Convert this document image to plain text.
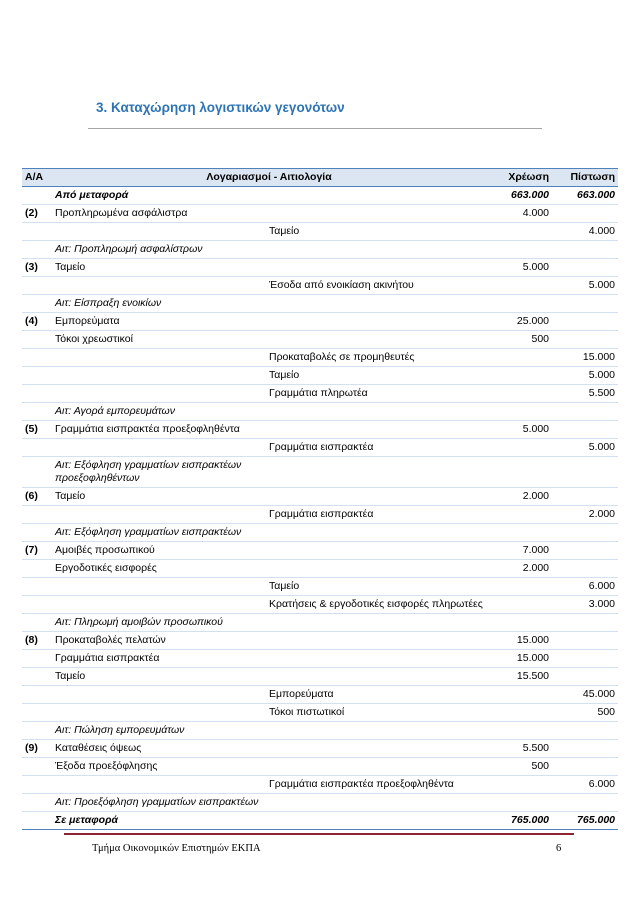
3. Καταχώρηση λογιστικών γεγονότων
Α/Α	Λογαριασμοί - Αιτιολογία		Χρέωση	Πίστωση
	Από μεταφορά		663.000	663.000
(2)	Προπληρωμένα ασφάλιστρα		4.000	
		Ταμείο		4.000
	Αιτ: Προπληρωμή ασφαλίστρων			
(3)	Ταμείο		5.000	
		Έσοδα από ενοικίαση ακινήτου		5.000
	Αιτ: Είσπραξη ενοικίων			
(4)	Εμπορεύματα		25.000	
	Τόκοι χρεωστικοί		500	
		Προκαταβολές σε προμηθευτές		15.000
		Ταμείο		5.000
		Γραμμάτια πληρωτέα		5.500
	Αιτ: Αγορά εμπορευμάτων			
(5)	Γραμμάτια εισπρακτέα προεξοφληθέντα		5.000	
		Γραμμάτια εισπρακτέα		5.000
	Αιτ: Εξόφληση γραμματίων εισπρακτέων προεξοφληθέντων			
(6)	Ταμείο		2.000	
		Γραμμάτια εισπρακτέα		2.000
	Αιτ: Εξόφληση γραμματίων εισπρακτέων			
(7)	Αμοιβές προσωπικού		7.000	
	Εργοδοτικές εισφορές		2.000	
		Ταμείο		6.000
		Κρατήσεις & εργοδοτικές εισφορές πληρωτέες		3.000
	Αιτ: Πληρωμή αμοιβών προσωπικού			
(8)	Προκαταβολές πελατών		15.000	
	Γραμμάτια εισπρακτέα		15.000	
	Ταμείο		15.500	
		Εμπορεύματα		45.000
		Τόκοι πιστωτικοί		500
	Αιτ: Πώληση εμπορευμάτων			
(9)	Καταθέσεις όψεως		5.500	
	Έξοδα προεξόφλησης		500	
		Γραμμάτια εισπρακτέα προεξοφληθέντα		6.000
	Αιτ: Προεξόφληση γραμματίων εισπρακτέων			
	Σε μεταφορά		765.000	765.000
Τμήμα Οικονομικών Επιστημών ΕΚΠΑ	6
